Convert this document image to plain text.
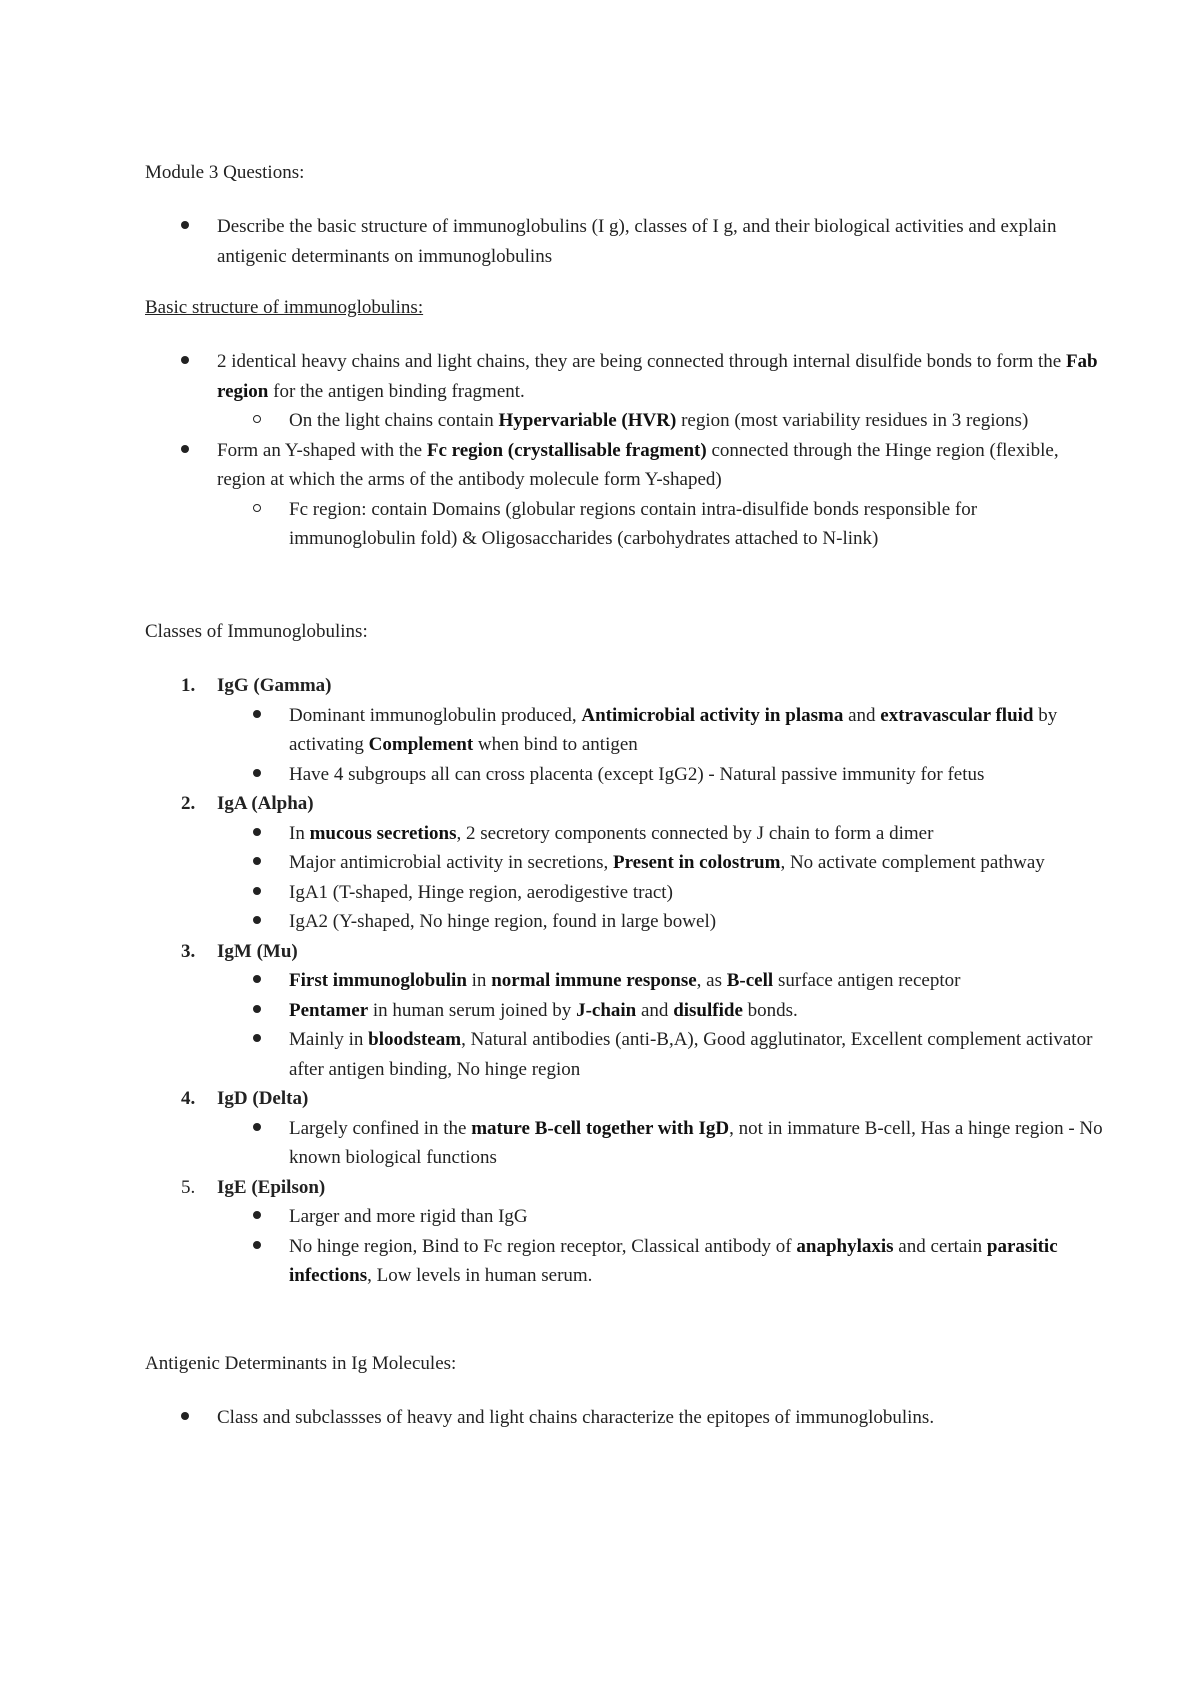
Module 3 Questions:

Describe the basic structure of immunoglobulins (I g), classes of I g, and their biological activities and explain antigenic determinants on immunoglobulins

Basic structure of immunoglobulins:

2 identical heavy chains and light chains, they are being connected through internal disulfide bonds to form the Fab region for the antigen binding fragment.
On the light chains contain Hypervariable (HVR) region (most variability residues in 3 regions)
Form an Y-shaped with the Fc region (crystallisable fragment) connected through the Hinge region (flexible, region at which the arms of the antibody molecule form Y-shaped)
Fc region: contain Domains (globular regions contain intra-disulfide bonds responsible for immunoglobulin fold) & Oligosaccharides (carbohydrates attached to N-link)

Classes of Immunoglobulins:

1. IgG (Gamma)
Dominant immunoglobulin produced, Antimicrobial activity in plasma and extravascular fluid by activating Complement when bind to antigen
Have 4 subgroups all can cross placenta (except IgG2) - Natural passive immunity for fetus
2. IgA (Alpha)
In mucous secretions, 2 secretory components connected by J chain to form a dimer
Major antimicrobial activity in secretions, Present in colostrum, No activate complement pathway
IgA1 (T-shaped, Hinge region, aerodigestive tract)
IgA2 (Y-shaped, No hinge region, found in large bowel)
3. IgM (Mu)
First immunoglobulin in normal immune response, as B-cell surface antigen receptor
Pentamer in human serum joined by J-chain and disulfide bonds.
Mainly in bloodsteam, Natural antibodies (anti-B,A), Good agglutinator, Excellent complement activator after antigen binding, No hinge region
4. IgD (Delta)
Largely confined in the mature B-cell together with IgD, not in immature B-cell, Has a hinge region - No known biological functions
5. IgE (Epilson)
Larger and more rigid than IgG
No hinge region, Bind to Fc region receptor, Classical antibody of anaphylaxis and certain parasitic infections, Low levels in human serum.

Antigenic Determinants in Ig Molecules:

Class and subclassses of heavy and light chains characterize the epitopes of immunoglobulins.
